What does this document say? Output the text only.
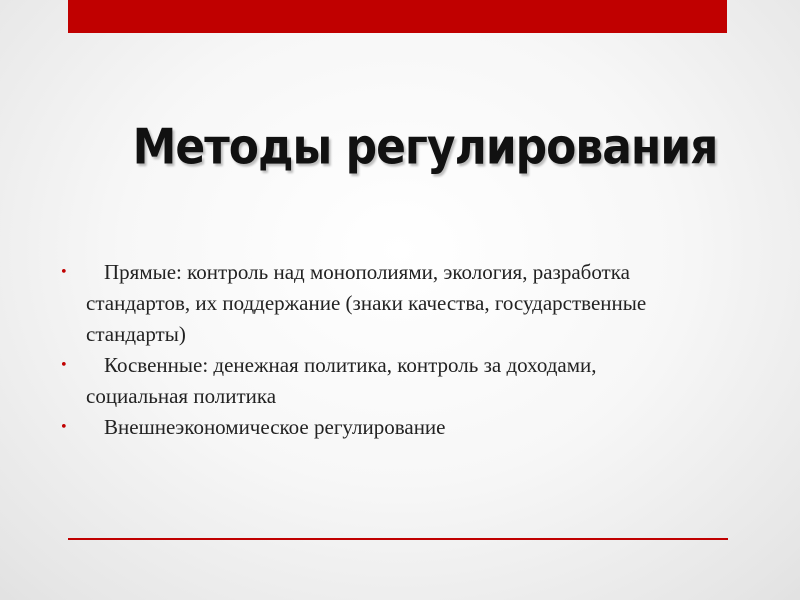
Методы регулирования
•	Прямые: контроль над монополиями, экология, разработка стандартов, их поддержание (знаки качества, государственные стандарты)
•	Косвенные: денежная политика, контроль за доходами, социальная политика
•	Внешнеэкономическое регулирование
